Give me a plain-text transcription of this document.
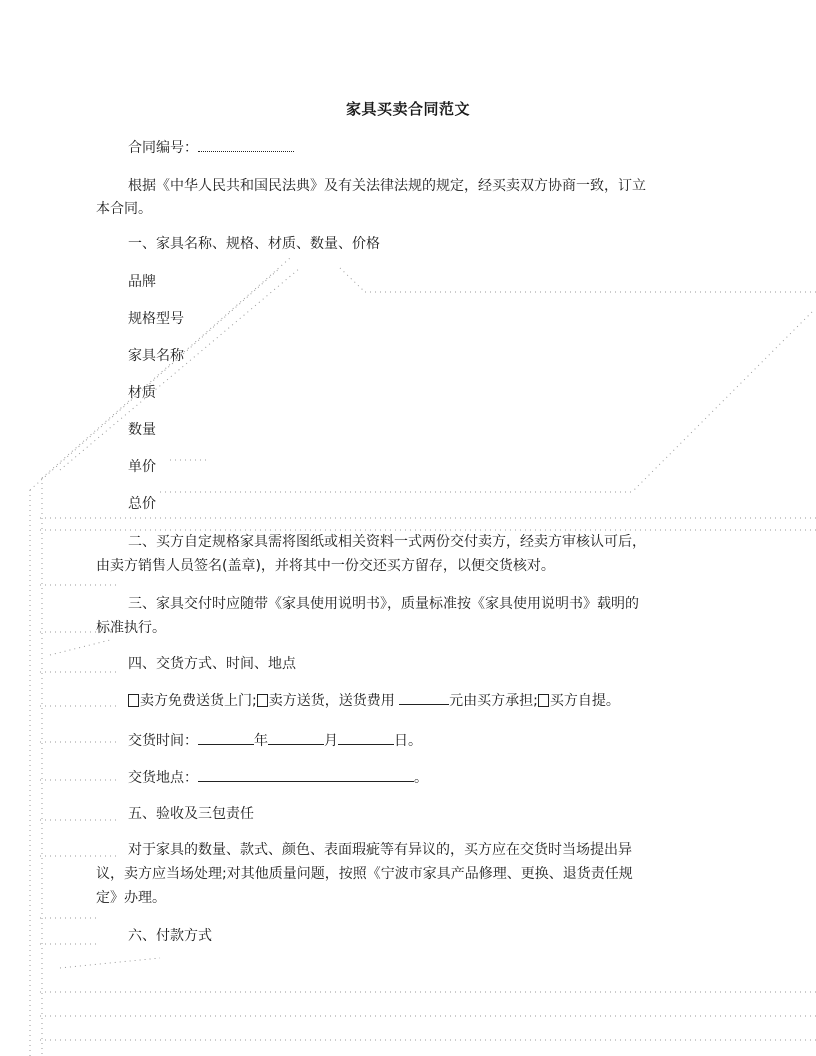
家具买卖合同范文
合同编号：
根据《中华人民共和国民法典》及有关法律法规的规定，经买卖双方协商一致，订立
本合同。
一、家具名称、规格、材质、数量、价格
品牌
规格型号
家具名称
材质
数量
单价
总价
二、买方自定规格家具需将图纸或相关资料一式两份交付卖方，经卖方审核认可后，
由卖方销售人员签名(盖章)，并将其中一份交还买方留存，以便交货核对。
三、家具交付时应随带《家具使用说明书》，质量标准按《家具使用说明书》载明的
标准执行。
四、交货方式、时间、地点
卖方免费送货上门; 卖方送货，送货费用	元由买方承担; 买方自提。
交货时间：	年	月	日。
交货地点：	。
五、验收及三包责任
对于家具的数量、款式、颜色、表面瑕疵等有异议的，买方应在交货时当场提出异
议，卖方应当场处理;对其他质量问题，按照《宁波市家具产品修理、更换、退货责任规
定》办理。
六、付款方式
